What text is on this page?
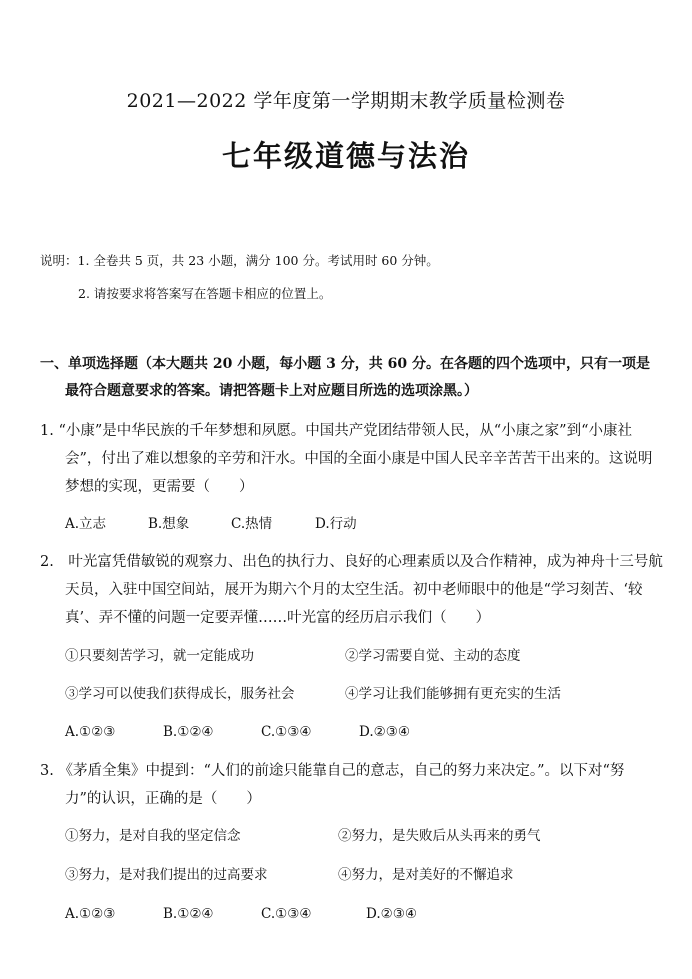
2021—2022 学年度第一学期期末教学质量检测卷
七年级道德与法治
说明：1. 全卷共 5 页，共 23 小题，满分 100 分。考试用时 60 分钟。
2. 请按要求将答案写在答题卡相应的位置上。
一、单项选择题（本大题共 20 小题，每小题 3 分，共 60 分。在各题的四个选项中，只有一项是
最符合题意要求的答案。请把答题卡上对应题目所选的选项涂黑。）
1. “小康”是中华民族的千年梦想和夙愿。中国共产党团结带领人民，从“小康之家”到“小康社
会”，付出了难以想象的辛劳和汗水。中国的全面小康是中国人民辛辛苦苦干出来的。这说明
梦想的实现，更需要（　　）
A.立志	B.想象	C.热情	D.行动
2.　叶光富凭借敏锐的观察力、出色的执行力、良好的心理素质以及合作精神，成为神舟十三号航
天员，入驻中国空间站，展开为期六个月的太空生活。初中老师眼中的他是“学习刻苦、‘较
真’、弄不懂的问题一定要弄懂……叶光富的经历启示我们（　　）
①只要刻苦学习，就一定能成功	②学习需要自觉、主动的态度
③学习可以使我们获得成长，服务社会	④学习让我们能够拥有更充实的生活
A.①②③	B.①②④	C.①③④	D.②③④
3. 《茅盾全集》中提到：“人们的前途只能靠自己的意志，自己的努力来决定。”。以下对“努
力”的认识，正确的是（　　）
①努力，是对自我的坚定信念	②努力，是失败后从头再来的勇气
③努力，是对我们提出的过高要求	④努力，是对美好的不懈追求
A.①②③	B.①②④	C.①③④	D.②③④
